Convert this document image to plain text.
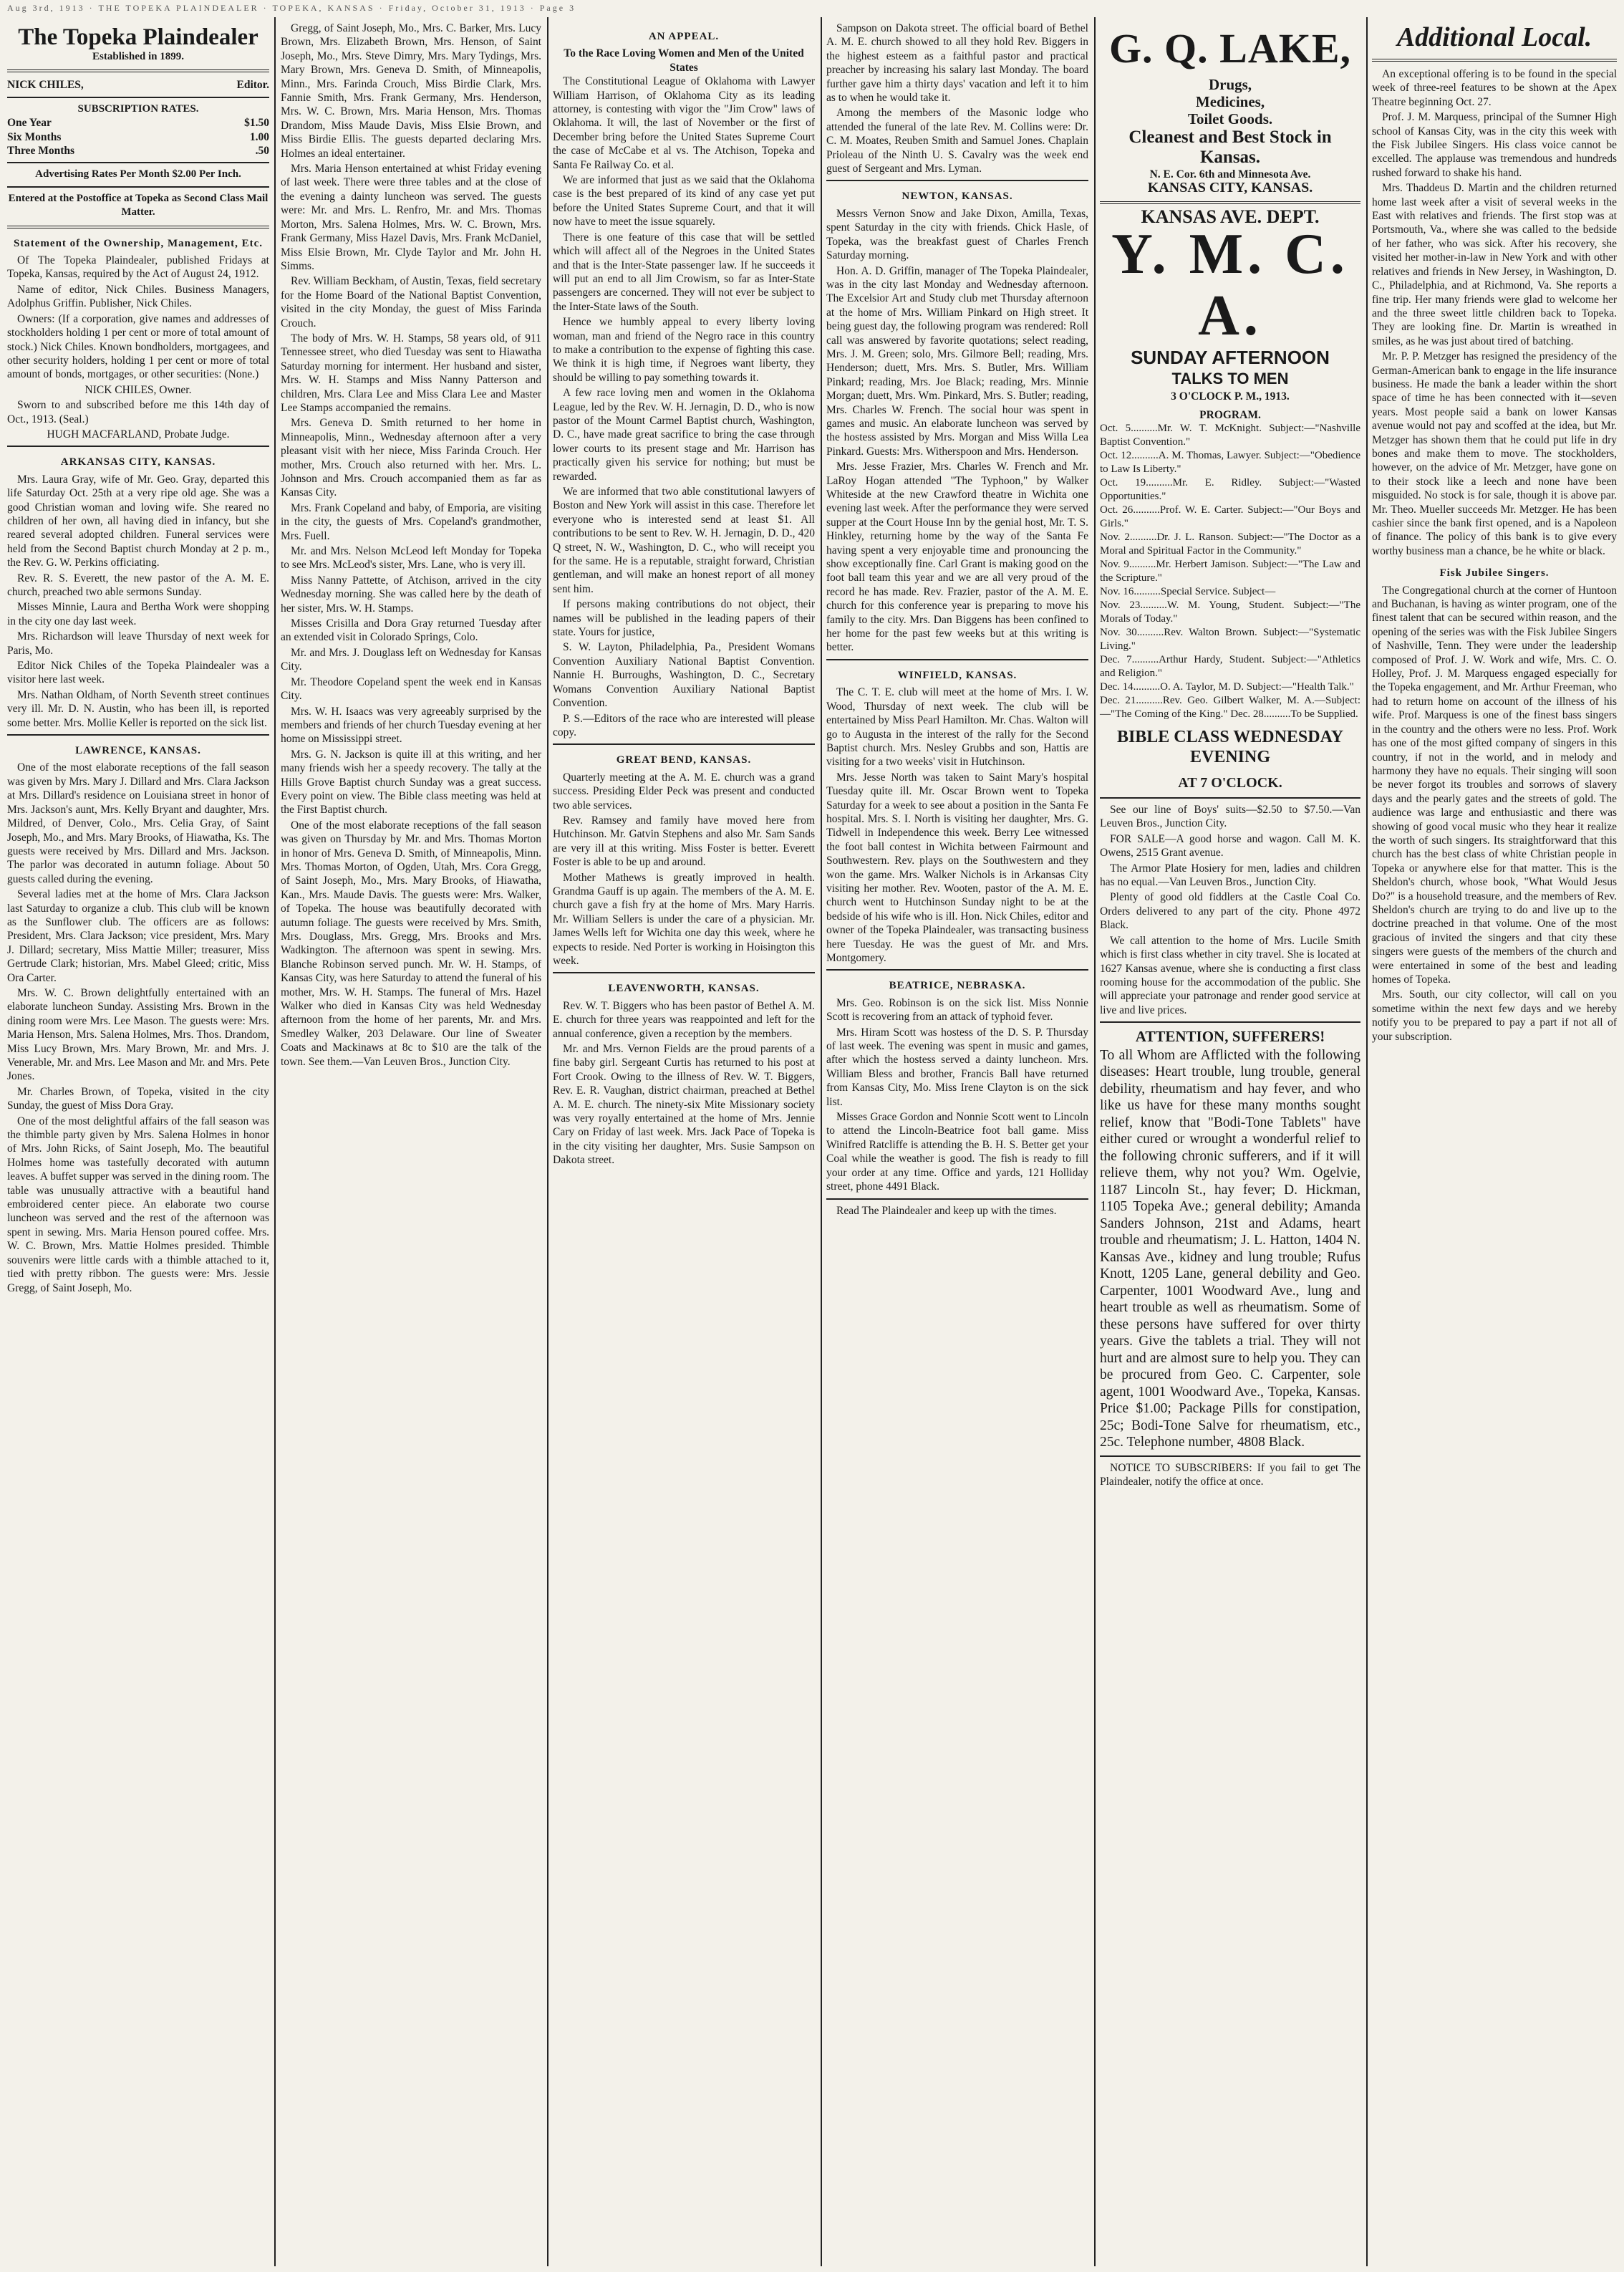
Aug 3rd, 1913 · THE TOPEKA PLAINDEALER · TOPEKA, KANSAS · Friday, October 31, 1913 · Page 3
The Topeka Plaindealer
Established in 1899.
NICK CHILES,	Editor.
SUBSCRIPTION RATES.
One Year	$1.50
Six Months	1.00
Three Months	.50
Advertising Rates Per Month $2.00 Per Inch.
Entered at the Postoffice at Topeka as Second Class Mail Matter.
Statement of the Ownership, Management, Etc.

Of The Topeka Plaindealer, published Fridays at Topeka, Kansas, required by the Act of August 24, 1912.

Name of editor, Nick Chiles. Business Managers, Adolphus Griffin. Publisher, Nick Chiles.

Owners: (If a corporation, give names and addresses of stockholders holding 1 per cent or more of total amount of stock.) Nick Chiles. Known bondholders, mortgagees, and other security holders, holding 1 per cent or more of total amount of bonds, mortgages, or other securities: (None.)

NICK CHILES, Owner.

Sworn to and subscribed before me this 14th day of Oct., 1913. (Seal.)

HUGH MACFARLAND, Probate Judge.

ARKANSAS CITY, KANSAS.

Mrs. Laura Gray, wife of Mr. Geo. Gray, departed this life Saturday Oct. 25th at a very ripe old age. She was a good Christian woman and loving wife. She reared no children of her own, all having died in infancy, but she reared several adopted children. Funeral services were held from the Second Baptist church Monday at 2 p. m., the Rev. G. W. Perkins officiating.

Rev. R. S. Everett, the new pastor of the A. M. E. church, preached two able sermons Sunday.

Misses Minnie, Laura and Bertha Work were shopping in the city one day last week.

Mrs. Richardson will leave Thursday of next week for Paris, Mo.

Editor Nick Chiles of the Topeka Plaindealer was a visitor here last week.

Mrs. Nathan Oldham, of North Seventh street continues very ill. Mr. D. N. Austin, who has been ill, is reported some better. Mrs. Mollie Keller is reported on the sick list.

LAWRENCE, KANSAS.

One of the most elaborate receptions of the fall season was given by Mrs. Mary J. Dillard and Mrs. Clara Jackson at Mrs. Dillard's residence on Louisiana street in honor of Mrs. Jackson's aunt, Mrs. Kelly Bryant and daughter, Mrs. Mildred, of Denver, Colo., Mrs. Celia Gray, of Saint Joseph, Mo., and Mrs. Mary Brooks, of Hiawatha, Ks. The guests were received by Mrs. Dillard and Mrs. Jackson. The parlor was decorated in autumn foliage. About 50 guests called during the evening.

Several ladies met at the home of Mrs. Clara Jackson last Saturday to organize a club. This club will be known as the Sunflower club. The officers are as follows: President, Mrs. Clara Jackson; vice president, Mrs. Mary J. Dillard; secretary, Miss Mattie Miller; treasurer, Miss Gertrude Clark; historian, Mrs. Mabel Gleed; critic, Miss Ora Carter.

Mrs. W. C. Brown delightfully entertained with an elaborate luncheon Sunday. Assisting Mrs. Brown in the dining room were Mrs. Lee Mason. The guests were: Mrs. Maria Henson, Mrs. Salena Holmes, Mrs. Thos. Drandom, Miss Lucy Brown, Mrs. Mary Brown, Mr. and Mrs. J. Venerable, Mr. and Mrs. Lee Mason and Mr. and Mrs. Pete Jones.

Mr. Charles Brown, of Topeka, visited in the city Sunday, the guest of Miss Dora Gray.

One of the most delightful affairs of the fall season was the thimble party given by Mrs. Salena Holmes in honor of Mrs. John Ricks, of Saint Joseph, Mo. The beautiful Holmes home was tastefully decorated with autumn leaves. A buffet supper was served in the dining room. The table was unusually attractive with a beautiful hand embroidered center piece. An elaborate two course luncheon was served and the rest of the afternoon was spent in sewing. Mrs. Maria Henson poured coffee. Mrs. W. C. Brown, Mrs. Mattie Holmes presided. Thimble souvenirs were little cards with a thimble attached to it, tied with pretty ribbon. The guests were: Mrs. Jessie Gregg, of Saint Joseph, Mo.

Gregg, of Saint Joseph, Mo., Mrs. C. Barker, Mrs. Lucy Brown, Mrs. Elizabeth Brown, Mrs. Henson, of Saint Joseph, Mo., Mrs. Steve Dimry, Mrs. Mary Tydings, Mrs. Mary Brown, Mrs. Geneva D. Smith, of Minneapolis, Minn., Mrs. Farinda Crouch, Miss Birdie Clark, Mrs. Fannie Smith, Mrs. Frank Germany, Mrs. Henderson, Mrs. W. C. Brown, Mrs. Maria Henson, Mrs. Thomas Drandom, Miss Maude Davis, Miss Elsie Brown, and Miss Birdie Ellis. The guests departed declaring Mrs. Holmes an ideal entertainer.

Mrs. Maria Henson entertained at whist Friday evening of last week. There were three tables and at the close of the evening a dainty luncheon was served. The guests were: Mr. and Mrs. L. Renfro, Mr. and Mrs. Thomas Morton, Mrs. Salena Holmes, Mrs. W. C. Brown, Mrs. Frank Germany, Miss Hazel Davis, Mrs. Frank McDaniel, Miss Elsie Brown, Mr. Clyde Taylor and Mr. John H. Simms.

Rev. William Beckham, of Austin, Texas, field secretary for the Home Board of the National Baptist Convention, visited in the city Monday, the guest of Miss Farinda Crouch.

The body of Mrs. W. H. Stamps, 58 years old, of 911 Tennessee street, who died Tuesday was sent to Hiawatha Saturday morning for interment. Her husband and sister, Mrs. W. H. Stamps and Miss Nanny Patterson and children, Mrs. Clara Lee and Miss Clara Lee and Master Lee Stamps accompanied the remains.

Mrs. Geneva D. Smith returned to her home in Minneapolis, Minn., Wednesday afternoon after a very pleasant visit with her niece, Miss Farinda Crouch. Her mother, Mrs. Crouch also returned with her. Mrs. L. Johnson and Mrs. Crouch accompanied them as far as Kansas City.

Mrs. Frank Copeland and baby, of Emporia, are visiting in the city, the guests of Mrs. Copeland's grandmother, Mrs. Fuell.

Mr. and Mrs. Nelson McLeod left Monday for Topeka to see Mrs. McLeod's sister, Mrs. Lane, who is very ill.

Miss Nanny Pattette, of Atchison, arrived in the city Wednesday morning. She was called here by the death of her sister, Mrs. W. H. Stamps.

Misses Crisilla and Dora Gray returned Tuesday after an extended visit in Colorado Springs, Colo.

Mr. and Mrs. J. Douglass left on Wednesday for Kansas City.

Mr. Theodore Copeland spent the week end in Kansas City.

Mrs. W. H. Isaacs was very agreeably surprised by the members and friends of her church Tuesday evening at her home on Mississippi street.

Mrs. G. N. Jackson is quite ill at this writing, and her many friends wish her a speedy recovery. The tally at the Hills Grove Baptist church Sunday was a great success. Every point on view. The Bible class meeting was held at the First Baptist church.

One of the most elaborate receptions of the fall season was given on Thursday by Mr. and Mrs. Thomas Morton in honor of Mrs. Geneva D. Smith, of Minneapolis, Minn. Mrs. Thomas Morton, of Ogden, Utah, Mrs. Cora Gregg, of Saint Joseph, Mo., Mrs. Mary Brooks, of Hiawatha, Kan., Mrs. Maude Davis. The guests were: Mrs. Walker, of Topeka. The house was beautifully decorated with autumn foliage. The guests were received by Mrs. Smith, Mrs. Douglass, Mrs. Gregg, Mrs. Brooks and Mrs. Wadkington. The afternoon was spent in sewing. Mrs. Blanche Robinson served punch. Mr. W. H. Stamps, of Kansas City, was here Saturday to attend the funeral of his mother, Mrs. W. H. Stamps. The funeral of Mrs. Hazel Walker who died in Kansas City was held Wednesday afternoon from the home of her parents, Mr. and Mrs. Smedley Walker, 203 Delaware. Our line of Sweater Coats and Mackinaws at 8c to $10 are the talk of the town. See them.—Van Leuven Bros., Junction City.

AN APPEAL.
To the Race Loving Women and Men of the United States

The Constitutional League of Oklahoma with Lawyer William Harrison, of Oklahoma City as its leading attorney, is contesting with vigor the "Jim Crow" laws of Oklahoma. It will, the last of November or the first of December bring before the United States Supreme Court the case of McCabe et al vs. The Atchison, Topeka and Santa Fe Railway Co. et al.

We are informed that just as we said that the Oklahoma case is the best prepared of its kind of any case yet put before the United States Supreme Court, and that it will now have to meet the issue squarely.

There is one feature of this case that will be settled which will affect all of the Negroes in the United States and that is the Inter-State passenger law. If he succeeds it will put an end to all Jim Crowism, so far as Inter-State passengers are concerned. They will not ever be subject to the Inter-State laws of the South.

Hence we humbly appeal to every liberty loving woman, man and friend of the Negro race in this country to make a contribution to the expense of fighting this case. We think it is high time, if Negroes want liberty, they should be willing to pay something towards it.

A few race loving men and women in the Oklahoma League, led by the Rev. W. H. Jernagin, D. D., who is now pastor of the Mount Carmel Baptist church, Washington, D. C., have made great sacrifice to bring the case through lower courts to its present stage and Mr. Harrison has practically given his service for nothing; but must be rewarded.

We are informed that two able constitutional lawyers of Boston and New York will assist in this case. Therefore let everyone who is interested send at least $1. All contributions to be sent to Rev. W. H. Jernagin, D. D., 420 Q street, N. W., Washington, D. C., who will receipt you for the same. He is a reputable, straight forward, Christian gentleman, and will make an honest report of all money sent him.

If persons making contributions do not object, their names will be published in the leading papers of their state. Yours for justice,

S. W. Layton, Philadelphia, Pa., President Womans Convention Auxiliary National Baptist Convention. Nannie H. Burroughs, Washington, D. C., Secretary Womans Convention Auxiliary National Baptist Convention.

P. S.—Editors of the race who are interested will please copy.

GREAT BEND, KANSAS.

Quarterly meeting at the A. M. E. church was a grand success. Presiding Elder Peck was present and conducted two able services.

Rev. Ramsey and family have moved here from Hutchinson. Mr. Gatvin Stephens and also Mr. Sam Sands are very ill at this writing. Miss Foster is better. Everett Foster is able to be up and around.

Mother Mathews is greatly improved in health. Grandma Gauff is up again. The members of the A. M. E. church gave a fish fry at the home of Mrs. Mary Harris. Mr. William Sellers is under the care of a physician. Mr. James Wells left for Wichita one day this week, where he expects to reside. Ned Porter is working in Hoisington this week.

LEAVENWORTH, KANSAS.

Rev. W. T. Biggers who has been pastor of Bethel A. M. E. church for three years was reappointed and left for the annual conference, given a reception by the members.

Mr. and Mrs. Vernon Fields are the proud parents of a fine baby girl. Sergeant Curtis has returned to his post at Fort Crook. Owing to the illness of Rev. W. T. Biggers, Rev. E. R. Vaughan, district chairman, preached at Bethel A. M. E. church. The ninety-six Mite Missionary society was very royally entertained at the home of Mrs. Jennie Cary on Friday of last week. Mrs. Jack Pace of Topeka is in the city visiting her daughter, Mrs. Susie Sampson on Dakota street.

Sampson on Dakota street. The official board of Bethel A. M. E. church showed to all they hold Rev. Biggers in the highest esteem as a faithful pastor and practical preacher by increasing his salary last Monday. The board further gave him a thirty days' vacation and left it to him as to when he would take it.

Among the members of the Masonic lodge who attended the funeral of the late Rev. M. Collins were: Dr. C. M. Moates, Reuben Smith and Samuel Jones. Chaplain Prioleau of the Ninth U. S. Cavalry was the week end guest of Sergeant and Mrs. Lyman.

NEWTON, KANSAS.

Messrs Vernon Snow and Jake Dixon, Amilla, Texas, spent Saturday in the city with friends. Chick Hasle, of Topeka, was the breakfast guest of Charles French Saturday morning.

Hon. A. D. Griffin, manager of The Topeka Plaindealer, was in the city last Monday and Wednesday afternoon. The Excelsior Art and Study club met Thursday afternoon at the home of Mrs. William Pinkard on High street. It being guest day, the following program was rendered: Roll call was answered by favorite quotations; select reading, Mrs. J. M. Green; solo, Mrs. Gilmore Bell; reading, Mrs. Henderson; duett, Mrs. Mrs. S. Butler, Mrs. William Pinkard; reading, Mrs. Joe Black; reading, Mrs. Minnie Morgan; duett, Mrs. Wm. Pinkard, Mrs. S. Butler; reading, Mrs. Charles W. French. The social hour was spent in games and music. An elaborate luncheon was served by the hostess assisted by Mrs. Morgan and Miss Willa Lea Pinkard. Guests: Mrs. Witherspoon and Mrs. Henderson.

Mrs. Jesse Frazier, Mrs. Charles W. French and Mr. LaRoy Hogan attended "The Typhoon," by Walker Whiteside at the new Crawford theatre in Wichita one evening last week. After the performance they were served supper at the Court House Inn by the genial host, Mr. T. S. Hinkley, returning home by the way of the Santa Fe having spent a very enjoyable time and pronouncing the show exceptionally fine. Carl Grant is making good on the foot ball team this year and we are all very proud of the record he has made. Rev. Frazier, pastor of the A. M. E. church for this conference year is preparing to move his family to the city. Mrs. Dan Biggens has been confined to her home for the past few weeks but at this writing is better.

WINFIELD, KANSAS.

The C. T. E. club will meet at the home of Mrs. I. W. Wood, Thursday of next week. The club will be entertained by Miss Pearl Hamilton. Mr. Chas. Walton will go to Augusta in the interest of the rally for the Second Baptist church. Mrs. Nesley Grubbs and son, Hattis are visiting for a two weeks' visit in Hutchinson.

Mrs. Jesse North was taken to Saint Mary's hospital Tuesday quite ill. Mr. Oscar Brown went to Topeka Saturday for a week to see about a position in the Santa Fe hospital. Mrs. S. I. North is visiting her daughter, Mrs. G. Tidwell in Independence this week. Berry Lee witnessed the foot ball contest in Wichita between Fairmount and Southwestern. Rev. plays on the Southwestern and they won the game. Mrs. Walker Nichols is in Arkansas City visiting her mother. Rev. Wooten, pastor of the A. M. E. church went to Hutchinson Sunday night to be at the bedside of his wife who is ill. Hon. Nick Chiles, editor and owner of the Topeka Plaindealer, was transacting business here Tuesday. He was the guest of Mr. and Mrs. Montgomery.

BEATRICE, NEBRASKA.

Mrs. Geo. Robinson is on the sick list. Miss Nonnie Scott is recovering from an attack of typhoid fever.

Mrs. Hiram Scott was hostess of the D. S. P. Thursday of last week. The evening was spent in music and games, after which the hostess served a dainty luncheon. Mrs. William Bless and brother, Francis Ball have returned from Kansas City, Mo. Miss Irene Clayton is on the sick list.

Misses Grace Gordon and Nonnie Scott went to Lincoln to attend the Lincoln-Beatrice foot ball game. Miss Winifred Ratcliffe is attending the B. H. S. Better get your Coal while the weather is good. The fish is ready to fill your order at any time. Office and yards, 121 Holliday street, phone 4491 Black.

Read The Plaindealer and keep up with the times.

G. Q. LAKE,
Drugs,
Medicines,
Toilet Goods.
Cleanest and Best Stock in
Kansas.
N. E. Cor. 6th and Minnesota Ave.
KANSAS CITY, KANSAS.
KANSAS AVE. DEPT.
Y. M. C. A.
SUNDAY AFTERNOON
TALKS TO MEN
3 O'CLOCK P. M., 1913.
PROGRAM.
Oct. 5..........Mr. W. T. McKnight. Subject:—"Nashville Baptist Convention."
Oct. 12..........A. M. Thomas, Lawyer. Subject:—"Obedience to Law Is Liberty."
Oct. 19..........Mr. E. Ridley. Subject:—"Wasted Opportunities."
Oct. 26..........Prof. W. E. Carter. Subject:—"Our Boys and Girls."
Nov. 2..........Dr. J. L. Ranson. Subject:—"The Doctor as a Moral and Spiritual Factor in the Community."
Nov. 9..........Mr. Herbert Jamison. Subject:—"The Law and the Scripture."
Nov. 16..........Special Service. Subject—
Nov. 23..........W. M. Young, Student. Subject:—"The Morals of Today."
Nov. 30..........Rev. Walton Brown. Subject:—"Systematic Living."
Dec. 7..........Arthur Hardy, Student. Subject:—"Athletics and Religion."
Dec. 14..........O. A. Taylor, M. D. Subject:—"Health Talk."
Dec. 21..........Rev. Geo. Gilbert Walker, M. A.—Subject:—"The Coming of the King." Dec. 28..........To be Supplied.
BIBLE CLASS WEDNESDAY EVENING
AT 7 O'CLOCK.

See our line of Boys' suits—$2.50 to $7.50.—Van Leuven Bros., Junction City.

FOR SALE—A good horse and wagon. Call M. K. Owens, 2515 Grant avenue.

The Armor Plate Hosiery for men, ladies and children has no equal.—Van Leuven Bros., Junction City.

Plenty of good old fiddlers at the Castle Coal Co. Orders delivered to any part of the city. Phone 4972 Black.

We call attention to the home of Mrs. Lucile Smith which is first class whether in city travel. She is located at 1627 Kansas avenue, where she is conducting a first class rooming house for the accommodation of the public. She will appreciate your patronage and render good service at live and live prices.

ATTENTION, SUFFERERS!
To all Whom are Afflicted with the following diseases: Heart trouble, lung trouble, general debility, rheumatism and hay fever, and who like us have for these many months sought relief, know that "Bodi-Tone Tablets" have either cured or wrought a wonderful relief to the following chronic sufferers, and if it will relieve them, why not you? Wm. Ogelvie, 1187 Lincoln St., hay fever; D. Hickman, 1105 Topeka Ave.; general debility; Amanda Sanders Johnson, 21st and Adams, heart trouble and rheumatism; J. L. Hatton, 1404 N. Kansas Ave., kidney and lung trouble; Rufus Knott, 1205 Lane, general debility and Geo. Carpenter, 1001 Woodward Ave., lung and heart trouble as well as rheumatism. Some of these persons have suffered for over thirty years. Give the tablets a trial. They will not hurt and are almost sure to help you. They can be procured from Geo. C. Carpenter, sole agent, 1001 Woodward Ave., Topeka, Kansas. Price $1.00; Package Pills for constipation, 25c; Bodi-Tone Salve for rheumatism, etc., 25c. Telephone number, 4808 Black.

NOTICE TO SUBSCRIBERS: If you fail to get The Plaindealer, notify the office at once.

Additional Local.

An exceptional offering is to be found in the special week of three-reel features to be shown at the Apex Theatre beginning Oct. 27.

Prof. J. M. Marquess, principal of the Sumner High school of Kansas City, was in the city this week with the Fisk Jubilee Singers. His class voice cannot be excelled. The applause was tremendous and hundreds rushed forward to shake his hand.

Mrs. Thaddeus D. Martin and the children returned home last week after a visit of several weeks in the East with relatives and friends. The first stop was at Portsmouth, Va., where she was called to the bedside of her father, who was sick. After his recovery, she visited her mother-in-law in New York and with other relatives and friends in New Jersey, in Washington, D. C., Philadelphia, and at Richmond, Va. She reports a fine trip. Her many friends were glad to welcome her and the three sweet little children back to Topeka. They are looking fine. Dr. Martin is wreathed in smiles, as he was just about tired of batching.

Mr. P. P. Metzger has resigned the presidency of the German-American bank to engage in the life insurance business. He made the bank a leader within the short space of time he has been connected with it—seven years. Most people said a bank on lower Kansas avenue would not pay and scoffed at the idea, but Mr. Metzger has shown them that he could put life in dry bones and make them to move. The stockholders, however, on the advice of Mr. Metzger, have gone on to their stock like a leech and none have been misguided. No stock is for sale, though it is above par. Mr. Theo. Mueller succeeds Mr. Metzger. He has been cashier since the bank first opened, and is a Napoleon of finance. The policy of this bank is to give every worthy business man a chance, be he white or black.

Fisk Jubilee Singers.

The Congregational church at the corner of Huntoon and Buchanan, is having as winter program, one of the finest talent that can be secured within reason, and the opening of the series was with the Fisk Jubilee Singers of Nashville, Tenn. They were under the leadership composed of Prof. J. W. Work and wife, Mrs. C. O. Holley, Prof. J. M. Marquess engaged especially for the Topeka engagement, and Mr. Arthur Freeman, who had to return home on account of the illness of his wife. Prof. Marquess is one of the finest bass singers in the country and the others were no less. Prof. Work has one of the most gifted company of singers in this country, if not in the world, and in melody and harmony they have no equals. Their singing will soon be never forgot its troubles and sorrows of slavery days and the pearly gates and the streets of gold. The audience was large and enthusiastic and there was showing of good vocal music who they hear it realize the worth of such singers. Its straightforward that this church has the best class of white Christian people in Topeka or anywhere else for that matter. This is the Sheldon's church, whose book, "What Would Jesus Do?" is a household treasure, and the members of Rev. Sheldon's church are trying to do and live up to the doctrine preached in that volume. One of the most gracious of invited the singers and that city these singers were guests of the members of the church and were entertained in some of the best and leading homes of Topeka.

Mrs. South, our city collector, will call on you sometime within the next few days and we hereby notify you to be prepared to pay a part if not all of your subscription.
